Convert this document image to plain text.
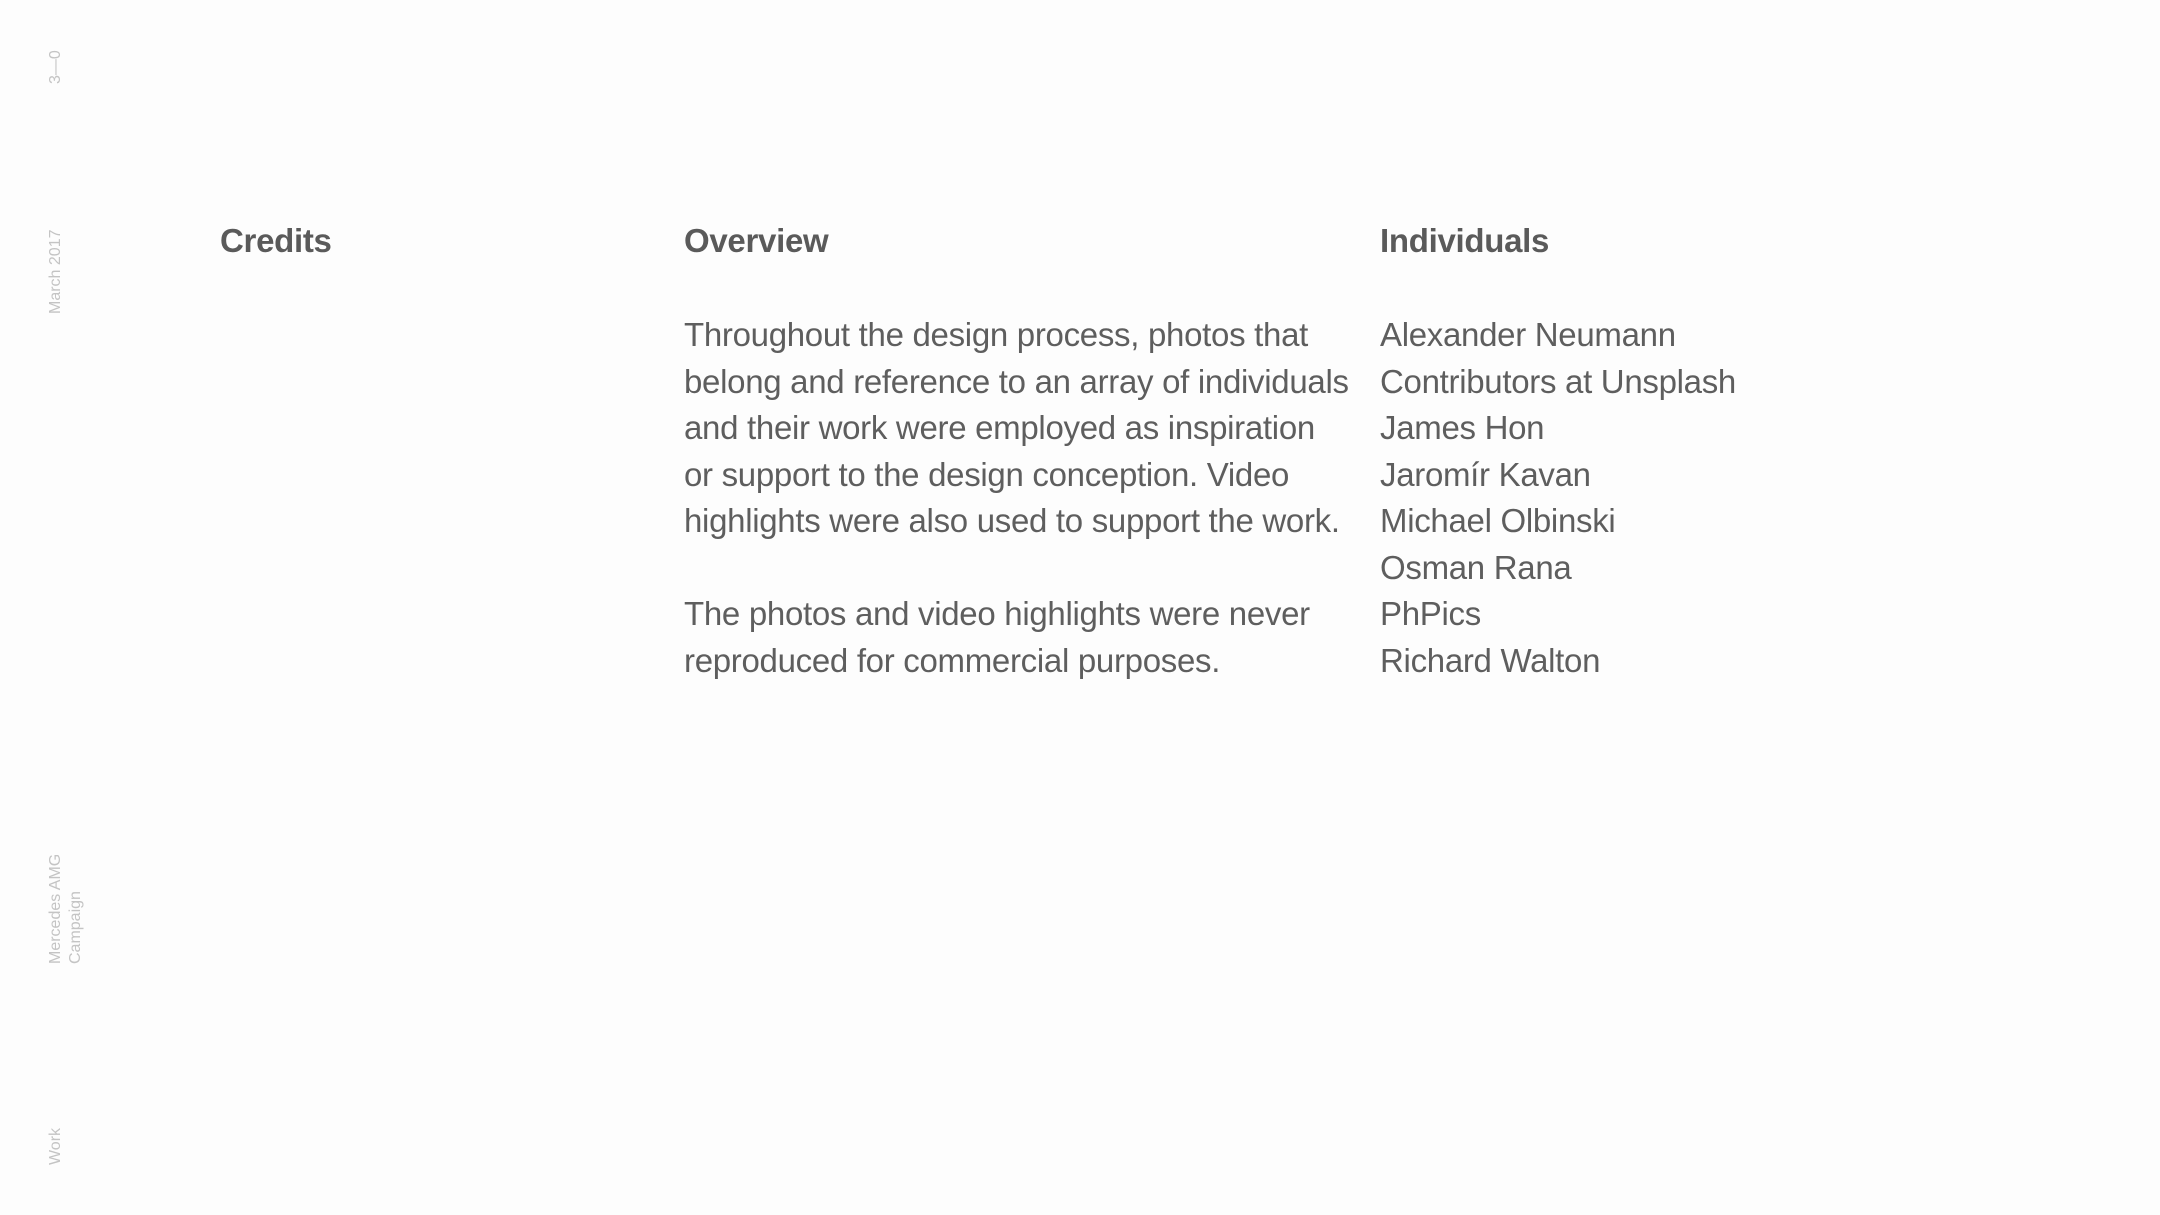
3—0
March 2017
Mercedes AMG Campaign
Work
Credits	Overview	Individuals

Throughout the design process, photos that
belong and reference to an array of individuals
and their work were employed as inspiration
or support to the design conception. Video
highlights were also used to support the work.

The photos and video highlights were never
reproduced for commercial purposes.

Alexander Neumann
Contributors at Unsplash
James Hon
Jaromír Kavan
Michael Olbinski
Osman Rana
PhPics
Richard Walton
